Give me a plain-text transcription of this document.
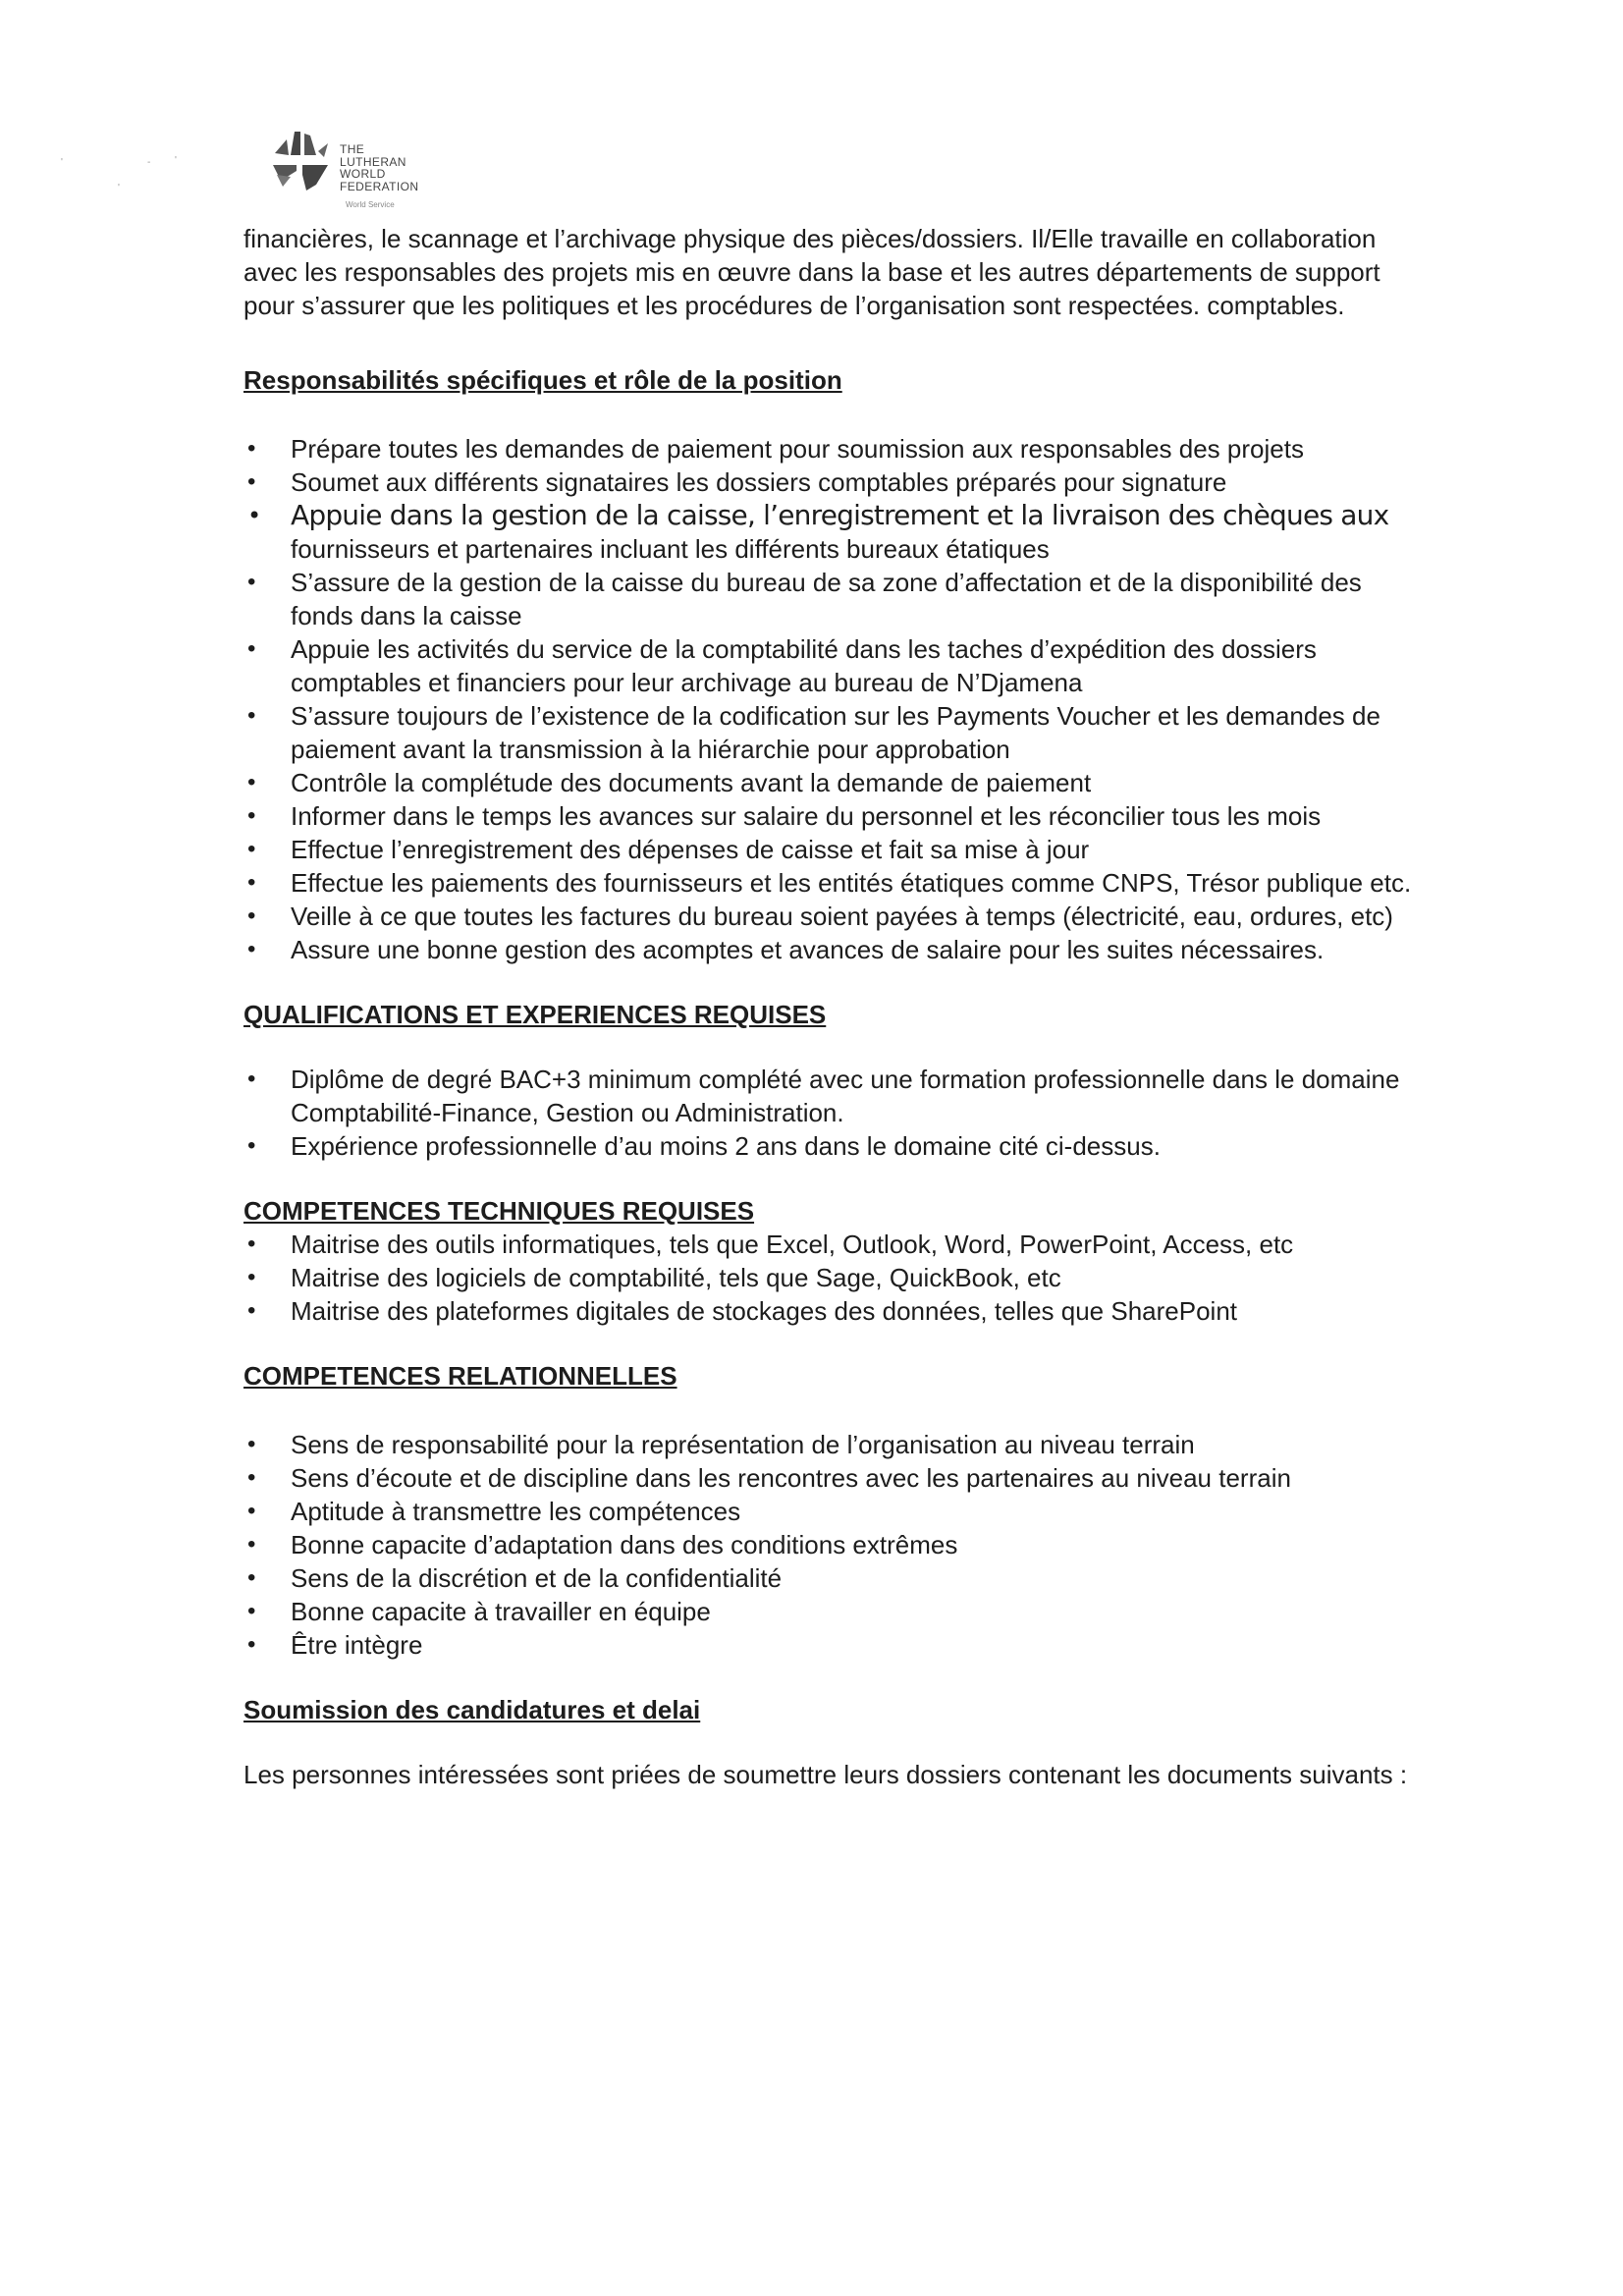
'	- '
'
THE
LUTHERAN
WORLD
FEDERATION
World Service

financières, le scannage et l’archivage physique des pièces/dossiers. Il/Elle travaille en collaboration avec les responsables des projets mis en œuvre dans la base et les autres départements de support pour s’assurer que les politiques et les procédures de l’organisation sont respectées. comptables.

Responsabilités spécifiques et rôle de la position
• Prépare toutes les demandes de paiement pour soumission aux responsables des projets
• Soumet aux différents signataires les dossiers comptables préparés pour signature
• Appuie dans la gestion de la caisse, l’enregistrement et la livraison des chèques aux
fournisseurs et partenaires incluant les différents bureaux étatiques
• S’assure de la gestion de la caisse du bureau de sa zone d’affectation et de la disponibilité des fonds dans la caisse
• Appuie les activités du service de la comptabilité dans les taches d’expédition des dossiers comptables et financiers pour leur archivage au bureau de N’Djamena
• S’assure toujours de l’existence de la codification sur les Payments Voucher et les demandes de paiement avant la transmission à la hiérarchie pour approbation
• Contrôle la complétude des documents avant la demande de paiement
• Informer dans le temps les avances sur salaire du personnel et les réconcilier tous les mois
• Effectue l’enregistrement des dépenses de caisse et fait sa mise à jour
• Effectue les paiements des fournisseurs et les entités étatiques comme CNPS, Trésor publique etc.
• Veille à ce que toutes les factures du bureau soient payées à temps (électricité, eau, ordures, etc)
• Assure une bonne gestion des acomptes et avances de salaire pour les suites nécessaires.
QUALIFICATIONS ET EXPERIENCES REQUISES
• Diplôme de degré BAC+3 minimum complété avec une formation professionnelle dans le domaine Comptabilité-Finance, Gestion ou Administration.
• Expérience professionnelle d’au moins 2 ans dans le domaine cité ci-dessus.
COMPETENCES TECHNIQUES REQUISES
• Maitrise des outils informatiques, tels que Excel, Outlook, Word, PowerPoint, Access, etc
• Maitrise des logiciels de comptabilité, tels que Sage, QuickBook, etc
• Maitrise des plateformes digitales de stockages des données, telles que SharePoint
COMPETENCES RELATIONNELLES
• Sens de responsabilité pour la représentation de l’organisation au niveau terrain
• Sens d’écoute et de discipline dans les rencontres avec les partenaires au niveau terrain
• Aptitude à transmettre les compétences
• Bonne capacite d’adaptation dans des conditions extrêmes
• Sens de la discrétion et de la confidentialité
• Bonne capacite à travailler en équipe
• Être intègre
Soumission des candidatures et delai

Les personnes intéressées sont priées de soumettre leurs dossiers contenant les documents suivants :
